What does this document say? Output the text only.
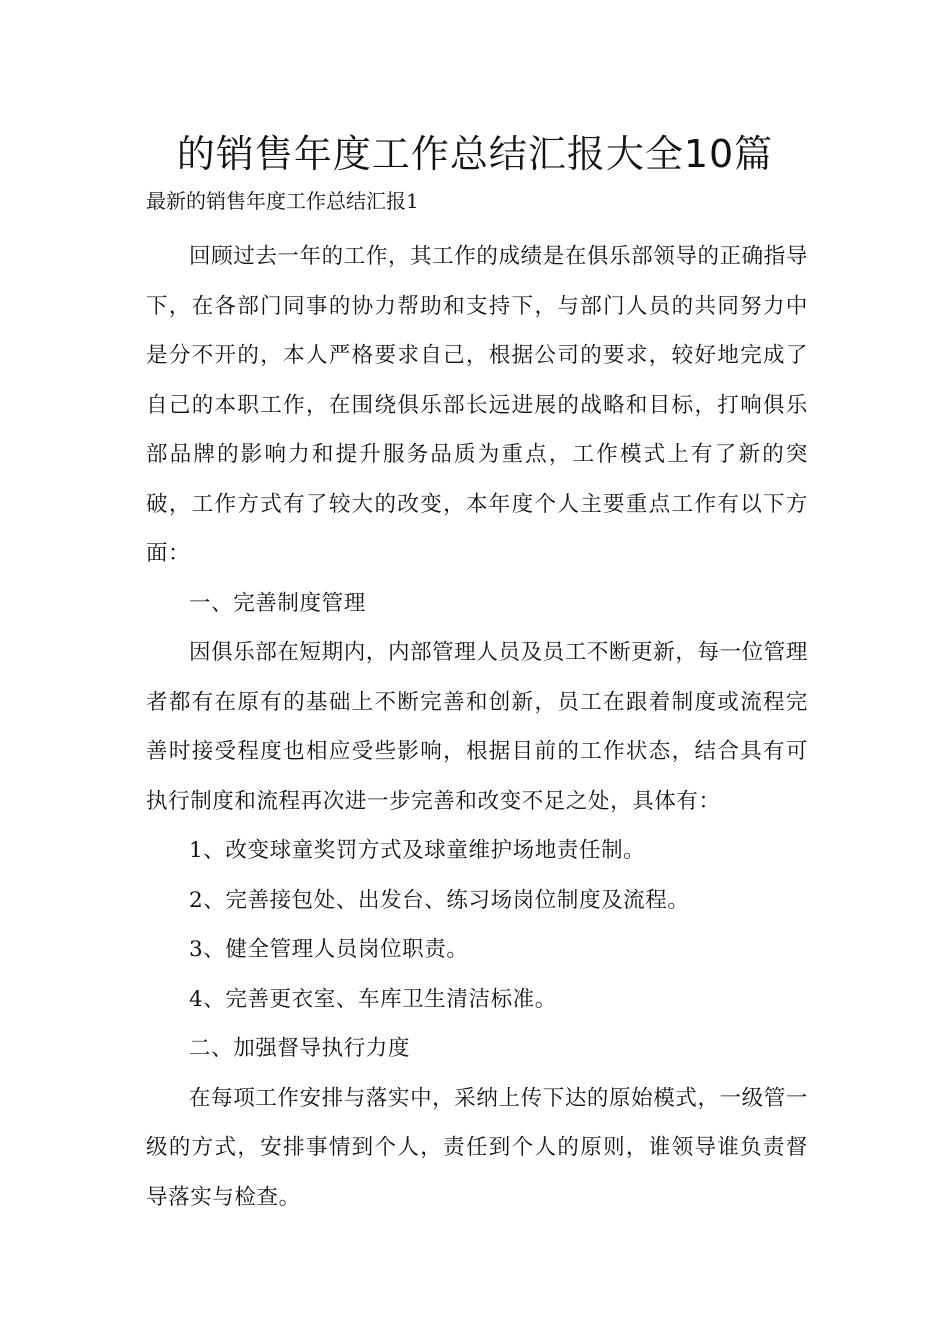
的销售年度工作总结汇报大全10篇

最新的销售年度工作总结汇报1

回顾过去一年的工作，其工作的成绩是在俱乐部领导的正确指导下，在各部门同事的协力帮助和支持下，与部门人员的共同努力中是分不开的，本人严格要求自己，根据公司的要求，较好地完成了自己的本职工作，在围绕俱乐部长远进展的战略和目标，打响俱乐部品牌的影响力和提升服务品质为重点，工作模式上有了新的突破，工作方式有了较大的改变，本年度个人主要重点工作有以下方面：

一、完善制度管理

因俱乐部在短期内，内部管理人员及员工不断更新，每一位管理者都有在原有的基础上不断完善和创新，员工在跟着制度或流程完善时接受程度也相应受些影响，根据目前的工作状态，结合具有可执行制度和流程再次进一步完善和改变不足之处，具体有：

1、改变球童奖罚方式及球童维护场地责任制。

2、完善接包处、出发台、练习场岗位制度及流程。

3、健全管理人员岗位职责。

4、完善更衣室、车库卫生清洁标准。

二、加强督导执行力度

在每项工作安排与落实中，采纳上传下达的原始模式，一级管一级的方式，安排事情到个人，责任到个人的原则，谁领导谁负责督导落实与检查。
